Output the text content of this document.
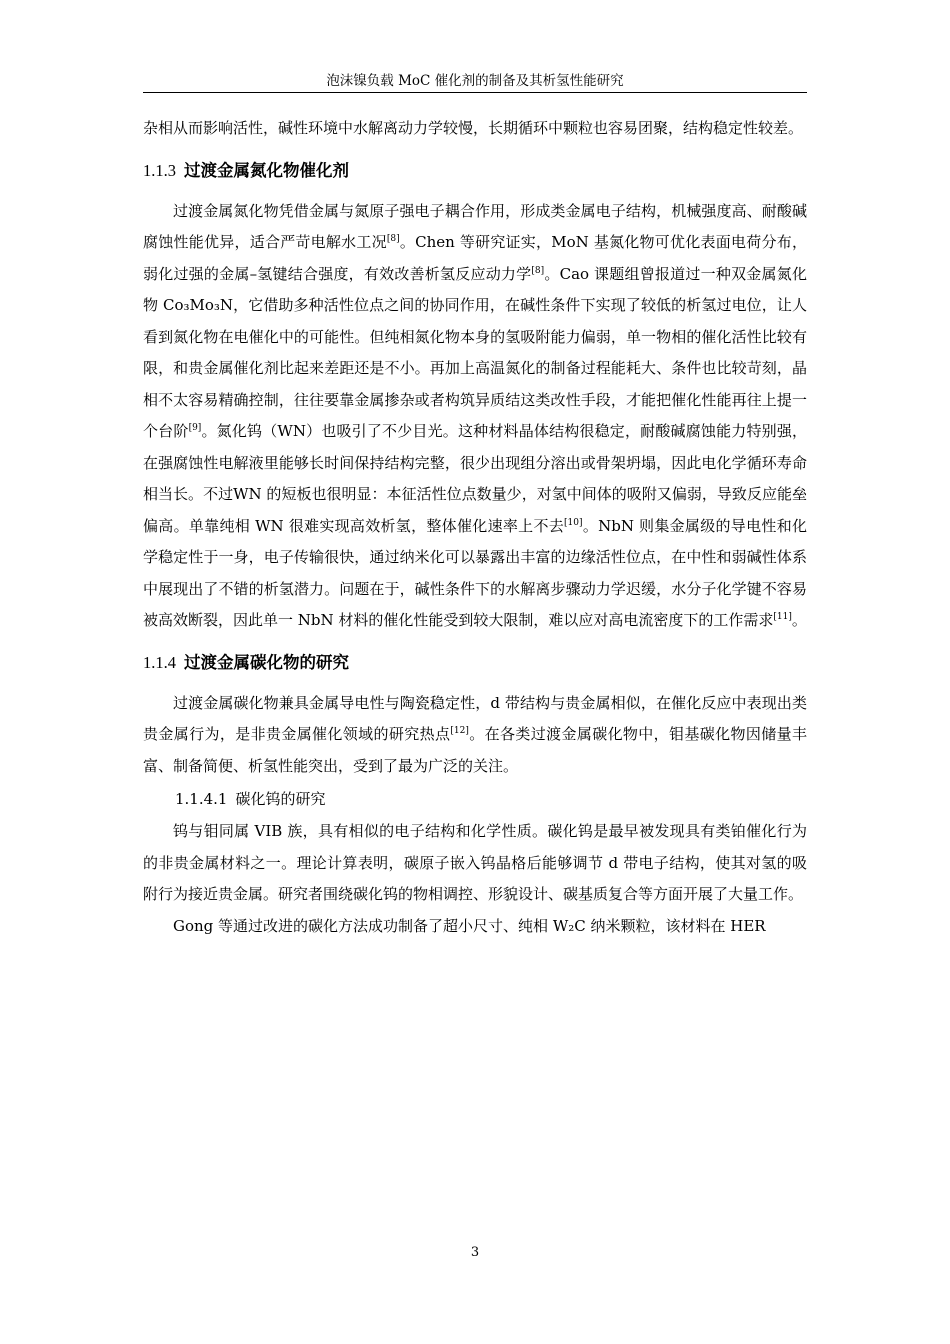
泡沫镍负载 MoC 催化剂的制备及其析氢性能研究

杂相从而影响活性，碱性环境中水解离动力学较慢，长期循环中颗粒也容易团聚，结构稳定性较差。

1.1.3 过渡金属氮化物催化剂

过渡金属氮化物凭借金属与氮原子强电子耦合作用，形成类金属电子结构，机械强度高、耐酸碱腐蚀性能优异，适合严苛电解水工况[8]。Chen 等研究证实，MoN 基氮化物可优化表面电荷分布，弱化过强的金属–氢键结合强度，有效改善析氢反应动力学[8]。Cao 课题组曾报道过一种双金属氮化物 Co₃Mo₃N，它借助多种活性位点之间的协同作用，在碱性条件下实现了较低的析氢过电位，让人看到氮化物在电催化中的可能性。但纯相氮化物本身的氢吸附能力偏弱，单一物相的催化活性比较有限，和贵金属催化剂比起来差距还是不小。再加上高温氮化的制备过程能耗大、条件也比较苛刻，晶相不太容易精确控制，往往要靠金属掺杂或者构筑异质结这类改性手段，才能把催化性能再往上提一个台阶[9]。氮化钨（WN）也吸引了不少目光。这种材料晶体结构很稳定，耐酸碱腐蚀能力特别强，在强腐蚀性电解液里能够长时间保持结构完整，很少出现组分溶出或骨架坍塌，因此电化学循环寿命相当长。不过WN 的短板也很明显：本征活性位点数量少，对氢中间体的吸附又偏弱，导致反应能垒偏高。单靠纯相 WN 很难实现高效析氢，整体催化速率上不去[10]。NbN 则集金属级的导电性和化学稳定性于一身，电子传输很快，通过纳米化可以暴露出丰富的边缘活性位点，在中性和弱碱性体系中展现出了不错的析氢潜力。问题在于，碱性条件下的水解离步骤动力学迟缓，水分子化学键不容易被高效断裂，因此单一 NbN 材料的催化性能受到较大限制，难以应对高电流密度下的工作需求[11]。

1.1.4 过渡金属碳化物的研究

过渡金属碳化物兼具金属导电性与陶瓷稳定性，d 带结构与贵金属相似，在催化反应中表现出类贵金属行为，是非贵金属催化领域的研究热点[12]。在各类过渡金属碳化物中，钼基碳化物因储量丰富、制备简便、析氢性能突出，受到了最为广泛的关注。

1.1.4.1 碳化钨的研究

钨与钼同属 VIB 族，具有相似的电子结构和化学性质。碳化钨是最早被发现具有类铂催化行为的非贵金属材料之一。理论计算表明，碳原子嵌入钨晶格后能够调节 d 带电子结构，使其对氢的吸附行为接近贵金属。研究者围绕碳化钨的物相调控、形貌设计、碳基质复合等方面开展了大量工作。

Gong 等通过改进的碳化方法成功制备了超小尺寸、纯相 W₂C 纳米颗粒，该材料在 HER

3
